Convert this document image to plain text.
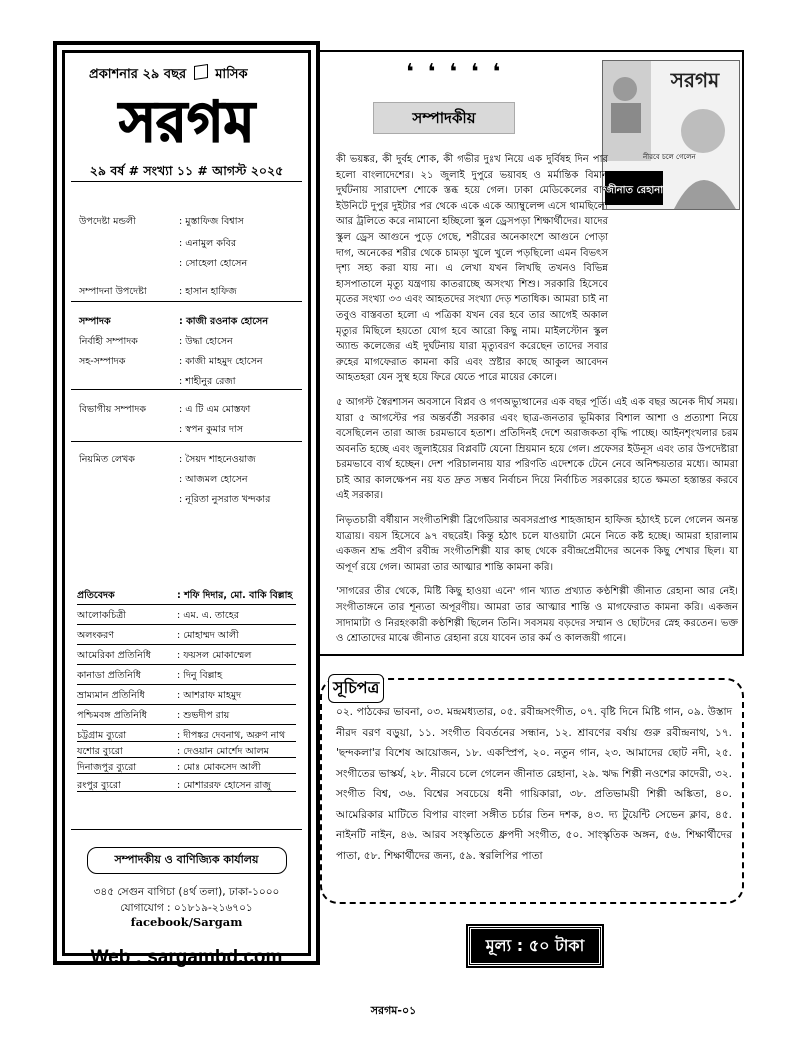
প্রকাশনার ২৯ বছর মাসিক
সরগম
২৯ বর্ষ # সংখ্যা ১১ # আগস্ট ২০২৫
উপদেষ্টা মন্ডলী	: মুস্তাফিজ বিশ্বাস
: এনামুল কবির
: সোহেলা হোসেন
সম্পাদনা উপদেষ্টা	: হাসান হাফিজ
সম্পাদক	: কাজী রওনাক হোসেন
নির্বাহী সম্পাদক	: উদ্ধা হোসেন
সহ-সম্পাদক	: কাজী মাহমুদ হোসেন
: শাহীনুর রেজা
বিভাগীয় সম্পাদক	: এ টি এম মোস্তফা
: স্বপন কুমার দাস
নিয়মিত লেখক	: সৈয়দ শাহনেওয়াজ
: আজমল হোসেন
: নূরিতা নুসরাত খন্দকার
প্রতিবেদক	: শফি দিদার, মো. বাকি বিল্লাহ
আলোকচিত্রী	: এম. এ. তাহের
অলংকরণ	: মোহাম্মদ আলী
আমেরিকা প্রতিনিধি	: ফয়সল মোকাম্মেল
কানাডা প্রতিনিধি	: দিনু বিল্লাহ
ভ্রাম্যমান প্রতিনিধি	: আশরাফ মাহমুদ
পশ্চিমবঙ্গ প্রতিনিধি	: শুভদীপ রায়
চট্টগ্রাম ব্যুরো	: দীপঙ্কর দেবনাথ, অরুণ নাথ
যশোর ব্যুরো	: দেওয়ান মোর্শেদ আলম
দিনাজপুর ব্যুরো	: মোঃ মোকসেদ আলী
রংপুর ব্যুরো	: মোশাররফ হোসেন রাজু
সম্পাদকীয় ও বাণিজ্যিক কার্যালয়
৩৪৫ সেগুন বাগিচা (৪র্থ তলা), ঢাকা-১০০০
যোগাযোগ : ০১৮১৯-২১৬৭০১
facebook/Sargam
Web : sargambd.com
❛❛❛❛❛
সম্পাদকীয়
সরগম
নীরবে চলে গেলেন
জীনাত রেহানা

কী ভয়ঙ্কর, কী দুর্বহ শোক, কী গভীর দুঃখ নিয়ে এক দুর্বিষহ দিন পার হলো বাংলাদেশের। ২১ জুলাই দুপুরে ভয়াবহ ও মর্মান্তিক বিমান দুর্ঘটনায় সারাদেশ শোকে স্তব্ধ হয়ে গেল। ঢাকা মেডিকেলের বার্ণ ইউনিটে দুপুর দুইটার পর থেকে একে একে অ্যাম্বুলেন্স এসে থামছিলো আর ট্রলিতে করে নামানো হচ্ছিলো স্কুল ড্রেসপড়া শিক্ষার্থীদের। যাদের স্কুল ড্রেস আগুনে পুড়ে গেছে, শরীরের অনেকাংশে আগুনে পোড়া দাগ, অনেকের শরীর থেকে চামড়া খুলে খুলে পড়ছিলো এমন বিভৎস দৃশ্য সহ্য করা যায় না। এ লেখা যখন লিখছি তখনও বিভিন্ন হাসপাতালে মৃত্যু যন্ত্রণায় কাতরাচ্ছে অসংখ্য শিশু। সরকারি হিসেবে মৃতের সংখ্যা ৩৩ এবং আহতদের সংখ্যা দেড় শতাধিক। আমরা চাই না তবুও বাস্তবতা হলো এ পত্রিকা যখন বের হবে তার আগেই অকাল মৃত্যুর মিছিলে হয়তো যোগ হবে আরো কিছু নাম। মাইলস্টোন স্কুল অ্যান্ড কলেজের এই দুর্ঘটনায় যারা মৃত্যুবরণ করেছেন তাদের সবার রুহের মাগফেরাত কামনা করি এবং স্রষ্টার কাছে আকুল আবেদন আহতহরা যেন সুস্থ হয়ে ফিরে যেতে পারে মায়ের কোলে।

৫ আগস্ট স্বৈরশাসন অবসানে বিপ্লব ও গণঅভ্যুত্থানের এক বছর পূর্তি। এই এক বছর অনেক দীর্ঘ সময়। যারা ৫ আগস্টের পর অন্তর্বর্তী সরকার এবং ছাত্র-জনতার ভূমিকার বিশাল আশা ও প্রত্যাশা নিয়ে বসেছিলেন তারা আজ চরমভাবে হতাশ। প্রতিদিনই দেশে অরাজকতা বৃদ্ধি পাচ্ছে। আইনশৃংখলার চরম অবনতি হচ্ছে এবং জুলাইয়ের বিপ্লবটি যেনো ম্রিয়মান হয়ে গেল। প্রফেসর ইউনূস এবং তার উপদেষ্টারা চরমভাবে ব্যর্থ হচ্ছেন। দেশ পরিচালনায় যার পরিণতি এদেশকে টেনে নেবে অনিশ্চয়তার মধ্যে। আমরা চাই আর কালক্ষেপন নয় যত দ্রুত সম্ভব নির্বাচন দিয়ে নির্বাচিত সরকারের হাতে ক্ষমতা হস্তান্তর করবে এই সরকার।

নিভৃতচারী বর্ষীয়ান সংগীতশিল্পী ব্রিগেডিয়ার অবসরপ্রাপ্ত শাহজাহান হাফিজ হঠাৎই চলে গেলেন অনন্ত যাত্রায়। বয়স হিসেবে ৯৭ বছরেই। কিন্তু হঠাৎ চলে যাওয়াটা মেনে নিতে কষ্ট হচ্ছে। আমরা হারালাম একজন শ্রদ্ধ প্রবীণ রবীন্দ্র সংগীতশিল্পী যার কাছ থেকে রবীন্দ্রপ্রেমীদের অনেক কিছু শেখার ছিল। যা অপূর্ণ রয়ে গেল। আমরা তার আত্মার শান্তি কামনা করি।

'সাগরের তীর থেকে, মিষ্টি কিছু হাওয়া এনে' গান খ্যাত প্রখ্যাত কণ্ঠশিল্পী জীনাত রেহানা আর নেই। সংগীতাঙ্গনে তার শূন্যতা অপূরণীয়। আমরা তার আত্মার শান্তি ও মাগফেরাত কামনা করি। একজন সাদামাটা ও নিরহংকারী কণ্ঠশিল্পী ছিলেন তিনি। সবসময় বড়দের সম্মান ও ছোটদের স্নেহ করতেন। ভক্ত ও শ্রোতাদের মাঝে জীনাত রেহানা রয়ে যাবেন তার কর্ম ও কালজয়ী গানে।

সূচিপত্র
০২. পাঠকের ভাবনা, ০৩. মন্দ্রমধ্যতার, ০৫. রবীন্দ্রসংগীত, ০৭. বৃষ্টি দিনে মিষ্টি গান, ০৯. উস্তাদ নীরদ বরণ বড়ুয়া, ১১. সংগীত বিবর্তনের সন্ধান, ১২. শ্রাবণের বর্ষায় গুরু রবীন্দ্রনাথ, ১৭. 'ছন্দকলা'র বিশেষ আয়োজন, ১৮. একস্প্রিপ, ২০. নতুন গান, ২৩. আমাদের ছোট নদী, ২৫. সংগীতের ভাস্কর্য, ২৮. নীরবে চলে গেলেন জীনাত রেহানা, ২৯. ঋদ্ধ শিল্পী নওশের কাদেরী, ৩২. সংগীত বিশ্ব, ৩৬. বিশ্বের সবচেয়ে ধনী গায়িকারা, ৩৮. প্রতিভাময়ী শিল্পী অঙ্কিতা, ৪০. আমেরিকার মাটিতে বিপার বাংলা সঙ্গীত চর্চার তিন দশক, ৪৩. দ্য টুয়েন্টি সেভেন ক্লাব, ৪৫. নাইনটি নাইন, ৪৬. আরব সংস্কৃতিতে ধ্রুপদী সংগীত, ৫০. সাংস্কৃতিক অঙ্গন, ৫৬. শিক্ষার্থীদের পাতা, ৫৮. শিক্ষার্থীদের জন্য, ৫৯. স্বরলিপির পাতা
মূল্য : ৫০ টাকা
সরগম-০১
